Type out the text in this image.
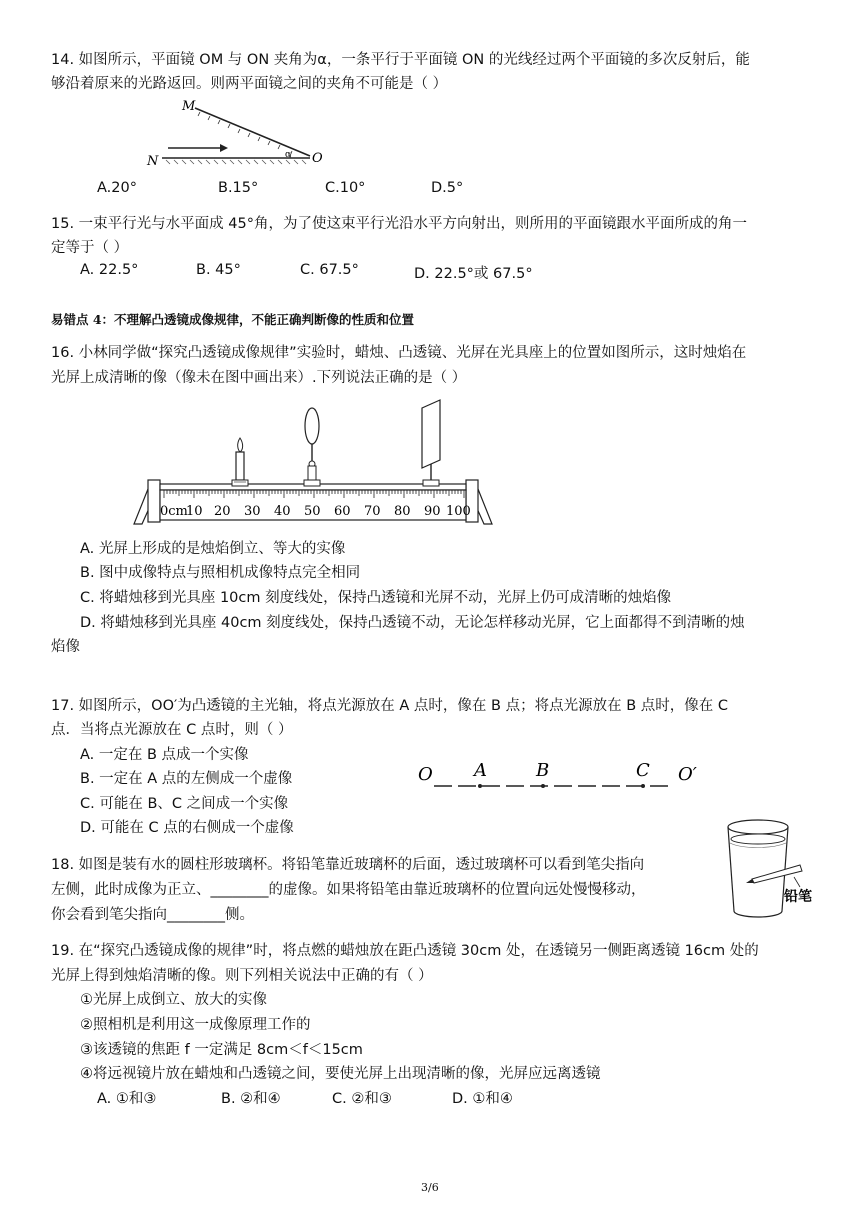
14. 如图所示，平面镜 OM 与 ON 夹角为α，一条平行于平面镜 ON 的光线经过两个平面镜的多次反射后，能
够沿着原来的光路返回。则两平面镜之间的夹角不可能是（ ）
M
N	O
α
A.20°	B.15°	C.10°	D.5°
15. 一束平行光与水平面成 45°角，为了使这束平行光沿水平方向射出，则所用的平面镜跟水平面所成的角一
定等于（ ）
A. 22.5°	B. 45°	C. 67.5°	D. 22.5°或 67.5°
易错点 4：不理解凸透镜成像规律，不能正确判断像的性质和位置
16. 小林同学做“探究凸透镜成像规律”实验时，蜡烛、凸透镜、光屏在光具座上的位置如图所示，这时烛焰在
光屏上成清晰的像（像未在图中画出来）.下列说法正确的是（ ）
0cm
10 20 30 40 50 60 70 80 90 100
A. 光屏上形成的是烛焰倒立、等大的实像
B. 图中成像特点与照相机成像特点完全相同
C. 将蜡烛移到光具座 10cm 刻度线处，保持凸透镜和光屏不动，光屏上仍可成清晰的烛焰像
D. 将蜡烛移到光具座 40cm 刻度线处，保持凸透镜不动，无论怎样移动光屏，它上面都得不到清晰的烛
焰像
17. 如图所示，OO′为凸透镜的主光轴，将点光源放在 A 点时，像在 B 点；将点光源放在 B 点时，像在 C
点．当将点光源放在 C 点时，则（ ）
A. 一定在 B 点成一个实像
B. 一定在 A 点的左侧成一个虚像
C. 可能在 B、C 之间成一个实像
D. 可能在 C 点的右侧成一个虚像
O A	B	C O′
18. 如图是装有水的圆柱形玻璃杯。将铅笔靠近玻璃杯的后面，透过玻璃杯可以看到笔尖指向
左侧，此时成像为正立、________的虚像。如果将铅笔由靠近玻璃杯的位置向远处慢慢移动，
你会看到笔尖指向________侧。
铅笔
19. 在“探究凸透镜成像的规律”时，将点燃的蜡烛放在距凸透镜 30cm 处，在透镜另一侧距离透镜 16cm 处的
光屏上得到烛焰清晰的像。则下列相关说法中正确的有（ ）
①光屏上成倒立、放大的实像
②照相机是利用这一成像原理工作的
③该透镜的焦距 f 一定满足 8cm＜f＜15cm
④将远视镜片放在蜡烛和凸透镜之间，要使光屏上出现清晰的像，光屏应远离透镜
A. ①和③	B. ②和④	C. ②和③	D. ①和④
3/6
